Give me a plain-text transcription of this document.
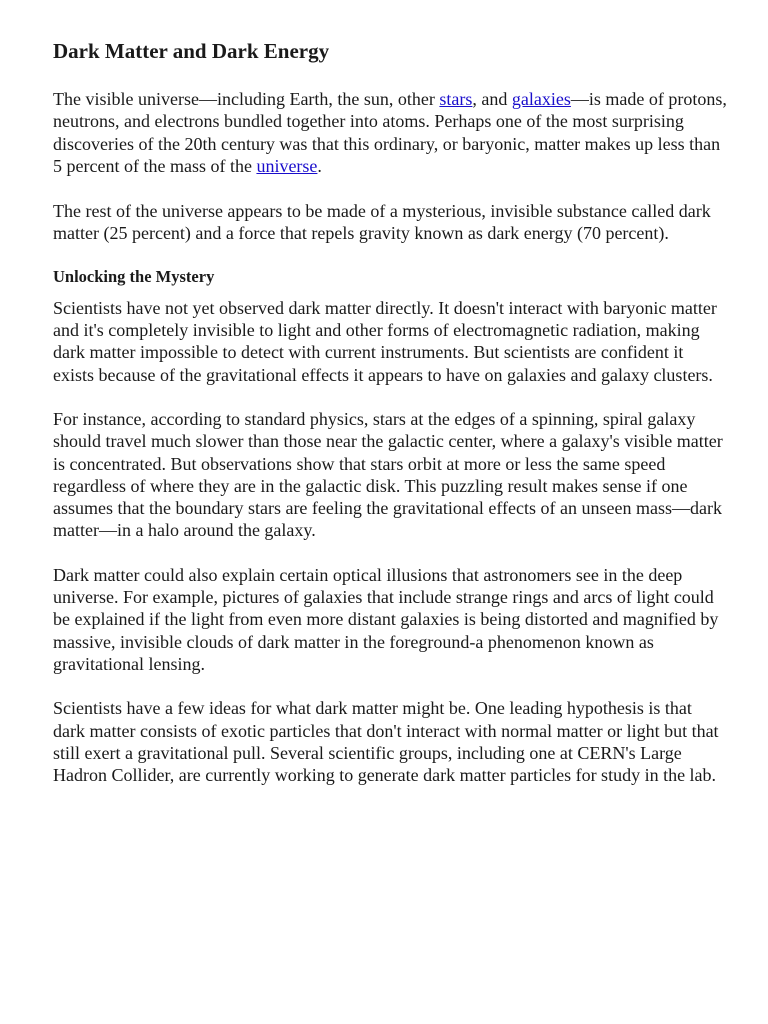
Dark Matter and Dark Energy

The visible universe—including Earth, the sun, other stars, and galaxies—is made of protons, neutrons, and electrons bundled together into atoms. Perhaps one of the most surprising discoveries of the 20th century was that this ordinary, or baryonic, matter makes up less than 5 percent of the mass of the universe.

The rest of the universe appears to be made of a mysterious, invisible substance called dark matter (25 percent) and a force that repels gravity known as dark energy (70 percent).

Unlocking the Mystery

Scientists have not yet observed dark matter directly. It doesn't interact with baryonic matter and it's completely invisible to light and other forms of electromagnetic radiation, making dark matter impossible to detect with current instruments. But scientists are confident it exists because of the gravitational effects it appears to have on galaxies and galaxy clusters.

For instance, according to standard physics, stars at the edges of a spinning, spiral galaxy should travel much slower than those near the galactic center, where a galaxy's visible matter is concentrated. But observations show that stars orbit at more or less the same speed regardless of where they are in the galactic disk. This puzzling result makes sense if one assumes that the boundary stars are feeling the gravitational effects of an unseen mass—dark matter—in a halo around the galaxy.

Dark matter could also explain certain optical illusions that astronomers see in the deep universe. For example, pictures of galaxies that include strange rings and arcs of light could be explained if the light from even more distant galaxies is being distorted and magnified by massive, invisible clouds of dark matter in the foreground-a phenomenon known as gravitational lensing.

Scientists have a few ideas for what dark matter might be. One leading hypothesis is that dark matter consists of exotic particles that don't interact with normal matter or light but that still exert a gravitational pull. Several scientific groups, including one at CERN's Large Hadron Collider, are currently working to generate dark matter particles for study in the lab.
